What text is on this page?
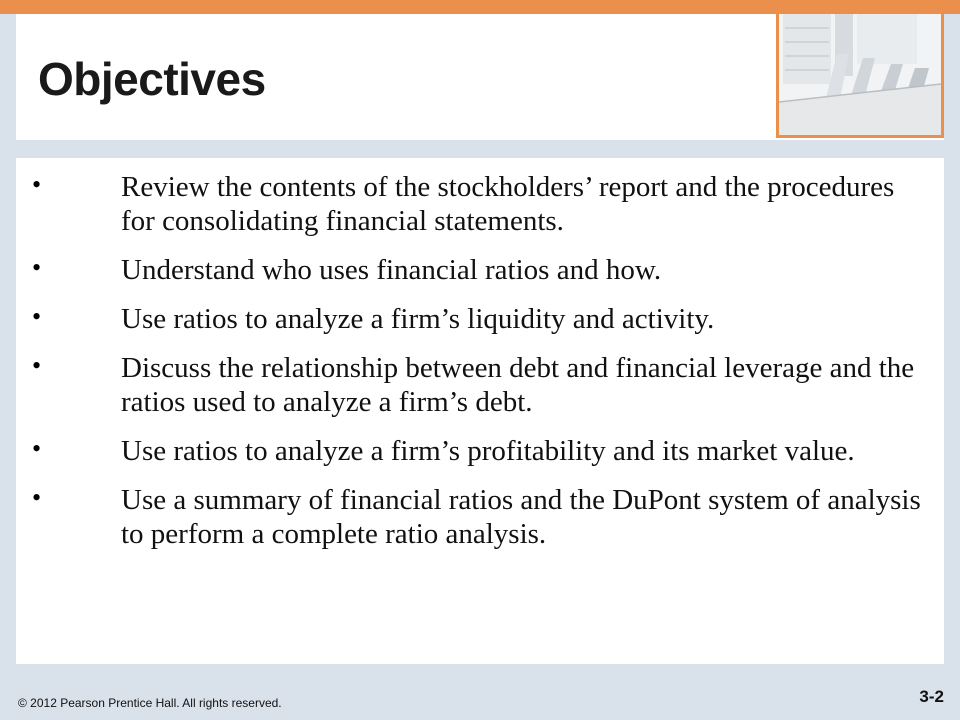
Objectives
•	Review the contents of the stockholders’ report and the procedures for consolidating financial statements.
•	Understand who uses financial ratios and how.
•	Use ratios to analyze a firm’s liquidity and activity.
•	Discuss the relationship between debt and financial leverage and the ratios used to analyze a firm’s debt.
•	Use ratios to analyze a firm’s profitability and its market value.
•	Use a summary of financial ratios and the DuPont system of analysis to perform a complete ratio analysis.
© 2012 Pearson Prentice Hall. All rights reserved.	3-2
